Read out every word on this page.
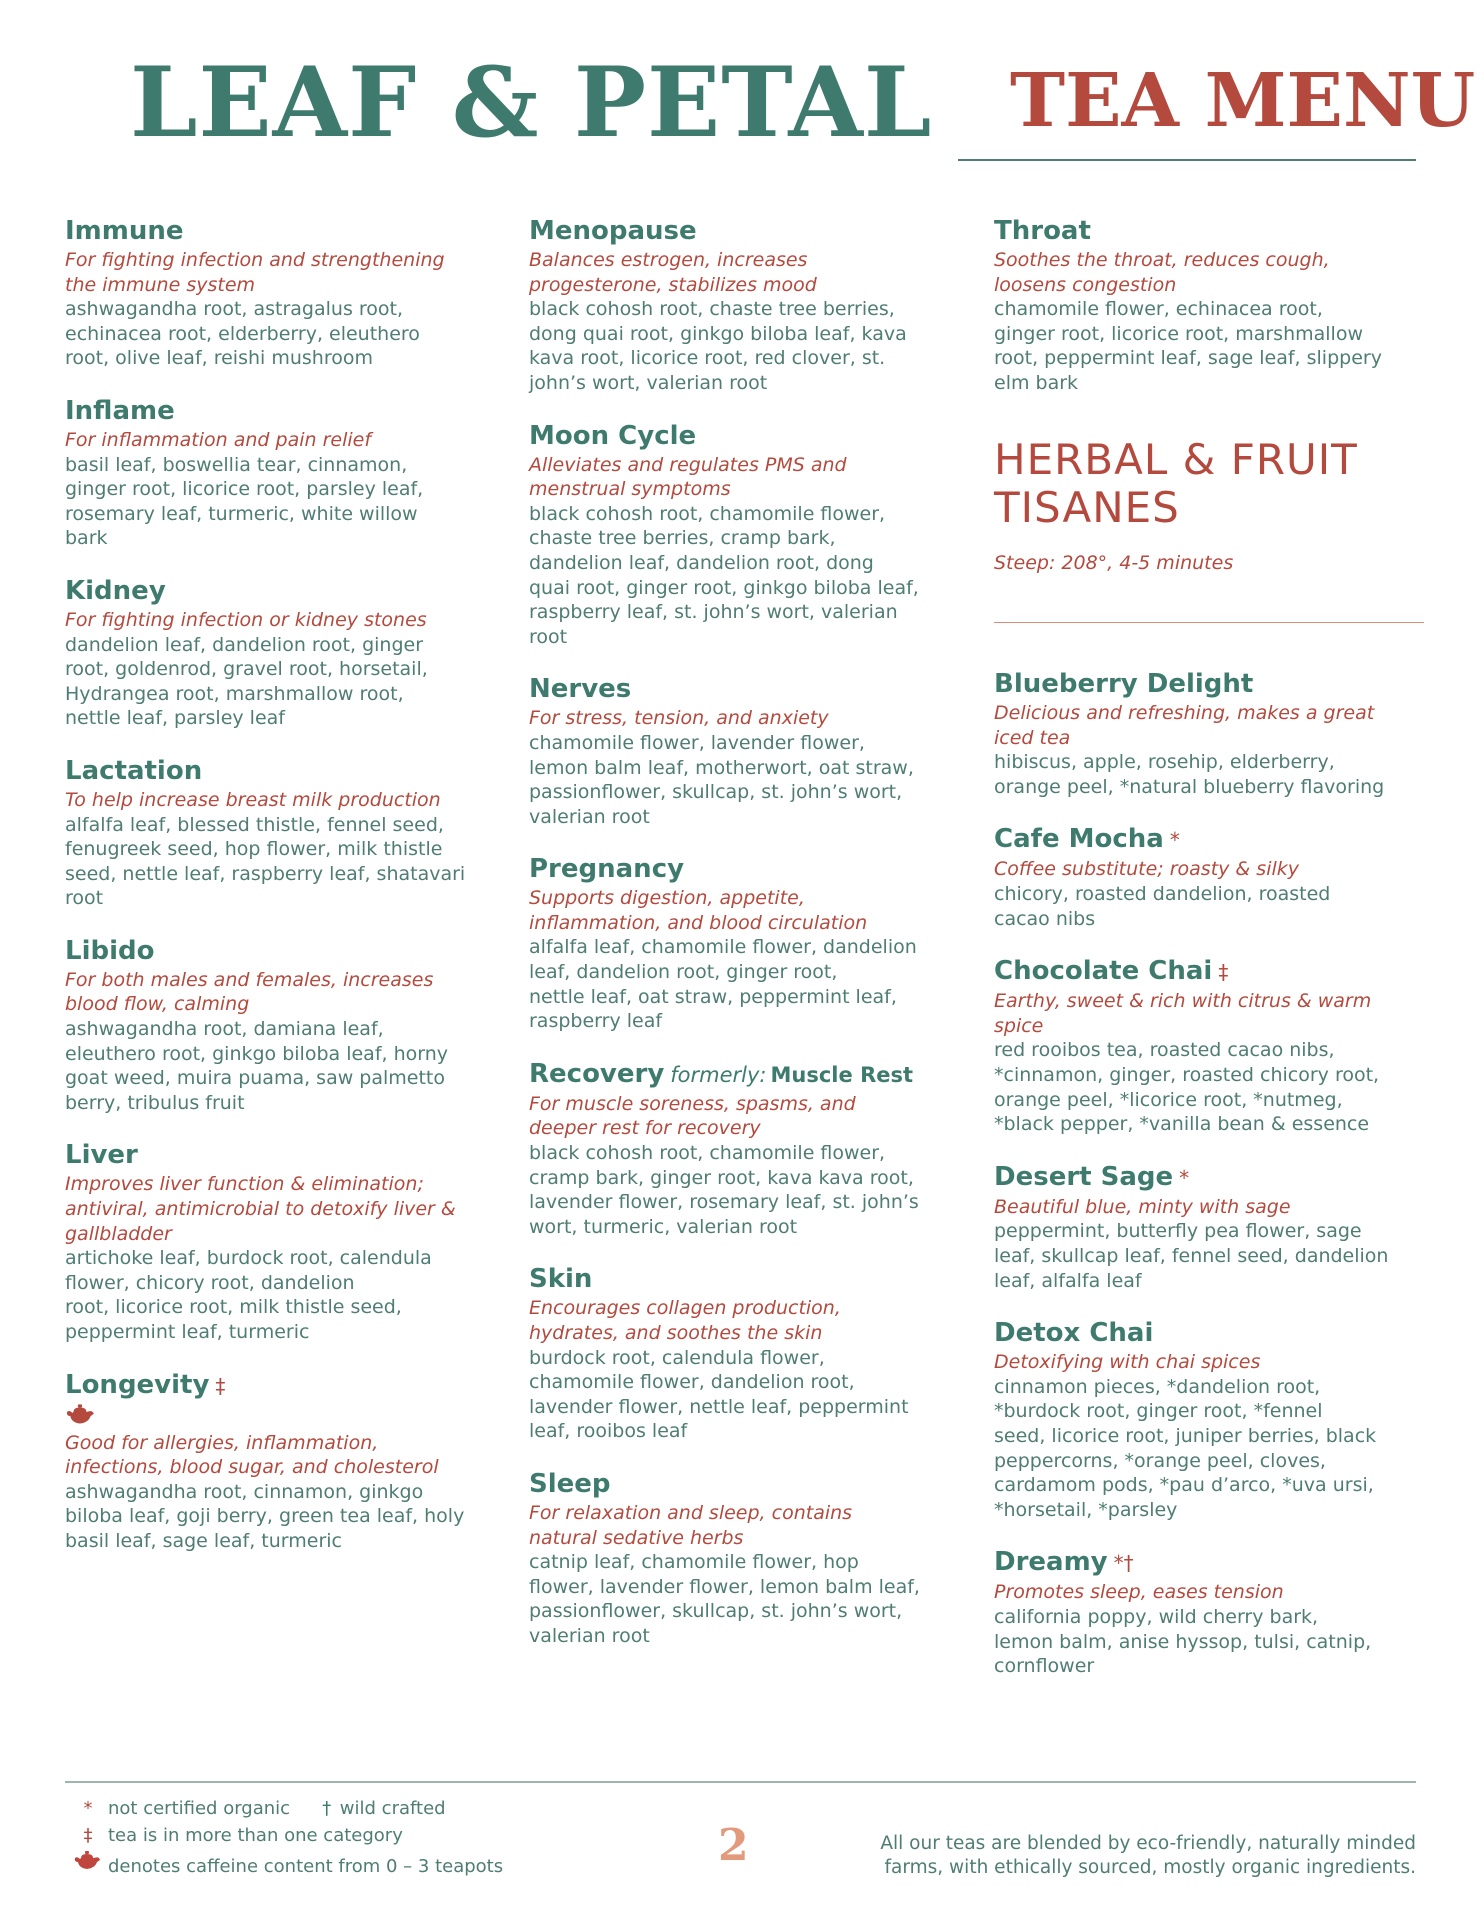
LEAF & PETAL TEA MENU
Immune
For fighting infection and strengthening
the immune system
ashwagandha root, astragalus root,
echinacea root, elderberry, eleuthero
root, olive leaf, reishi mushroom
Inflame
For inflammation and pain relief
basil leaf, boswellia tear, cinnamon,
ginger root, licorice root, parsley leaf,
rosemary leaf, turmeric, white willow
bark
Kidney
For fighting infection or kidney stones
dandelion leaf, dandelion root, ginger
root, goldenrod, gravel root, horsetail,
Hydrangea root, marshmallow root,
nettle leaf, parsley leaf
Lactation
To help increase breast milk production
alfalfa leaf, blessed thistle, fennel seed,
fenugreek seed, hop flower, milk thistle
seed, nettle leaf, raspberry leaf, shatavari
root
Libido
For both males and females, increases
blood flow, calming
ashwagandha root, damiana leaf,
eleuthero root, ginkgo biloba leaf, horny
goat weed, muira puama, saw palmetto
berry, tribulus fruit
Liver
Improves liver function & elimination;
antiviral, antimicrobial to detoxify liver &
gallbladder
artichoke leaf, burdock root, calendula
flower, chicory root, dandelion
root, licorice root, milk thistle seed,
peppermint leaf, turmeric
Longevity ‡
Good for allergies, inflammation,
infections, blood sugar, and cholesterol
ashwagandha root, cinnamon, ginkgo
biloba leaf, goji berry, green tea leaf, holy
basil leaf, sage leaf, turmeric
Menopause
Balances estrogen, increases
progesterone, stabilizes mood
black cohosh root, chaste tree berries,
dong quai root, ginkgo biloba leaf, kava
kava root, licorice root, red clover, st.
john’s wort, valerian root
Moon Cycle
Alleviates and regulates PMS and
menstrual symptoms
black cohosh root, chamomile flower,
chaste tree berries, cramp bark,
dandelion leaf, dandelion root, dong
quai root, ginger root, ginkgo biloba leaf,
raspberry leaf, st. john’s wort, valerian
root
Nerves
For stress, tension, and anxiety
chamomile flower, lavender flower,
lemon balm leaf, motherwort, oat straw,
passionflower, skullcap, st. john’s wort,
valerian root
Pregnancy
Supports digestion, appetite,
inflammation, and blood circulation
alfalfa leaf, chamomile flower, dandelion
leaf, dandelion root, ginger root,
nettle leaf, oat straw, peppermint leaf,
raspberry leaf
Recovery formerly: Muscle Rest
For muscle soreness, spasms, and
deeper rest for recovery
black cohosh root, chamomile flower,
cramp bark, ginger root, kava kava root,
lavender flower, rosemary leaf, st. john’s
wort, turmeric, valerian root
Skin
Encourages collagen production,
hydrates, and soothes the skin
burdock root, calendula flower,
chamomile flower, dandelion root,
lavender flower, nettle leaf, peppermint
leaf, rooibos leaf
Sleep
For relaxation and sleep, contains
natural sedative herbs
catnip leaf, chamomile flower, hop
flower, lavender flower, lemon balm leaf,
passionflower, skullcap, st. john’s wort,
valerian root
Throat
Soothes the throat, reduces cough,
loosens congestion
chamomile flower, echinacea root,
ginger root, licorice root, marshmallow
root, peppermint leaf, sage leaf, slippery
elm bark
HERBAL & FRUIT
TISANES
Steep: 208°, 4-5 minutes
Blueberry Delight
Delicious and refreshing, makes a great
iced tea
hibiscus, apple, rosehip, elderberry,
orange peel, *natural blueberry flavoring
Cafe Mocha *
Coffee substitute; roasty & silky
chicory, roasted dandelion, roasted
cacao nibs
Chocolate Chai ‡
Earthy, sweet & rich with citrus & warm
spice
red rooibos tea, roasted cacao nibs,
*cinnamon, ginger, roasted chicory root,
orange peel, *licorice root, *nutmeg,
*black pepper, *vanilla bean & essence
Desert Sage *
Beautiful blue, minty with sage
peppermint, butterfly pea flower, sage
leaf, skullcap leaf, fennel seed, dandelion
leaf, alfalfa leaf
Detox Chai
Detoxifying with chai spices
cinnamon pieces, *dandelion root,
*burdock root, ginger root, *fennel
seed, licorice root, juniper berries, black
peppercorns, *orange peel, cloves,
cardamom pods, *pau d’arco, *uva ursi,
*horsetail, *parsley
Dreamy *†
Promotes sleep, eases tension
california poppy, wild cherry bark,
lemon balm, anise hyssop, tulsi, catnip,
cornflower
* not certified organic † wild crafted
‡ tea is in more than one category
denotes caffeine content from 0 – 3 teapots	2	All our teas are blended by eco-friendly, naturally minded
farms, with ethically sourced, mostly organic ingredients.
